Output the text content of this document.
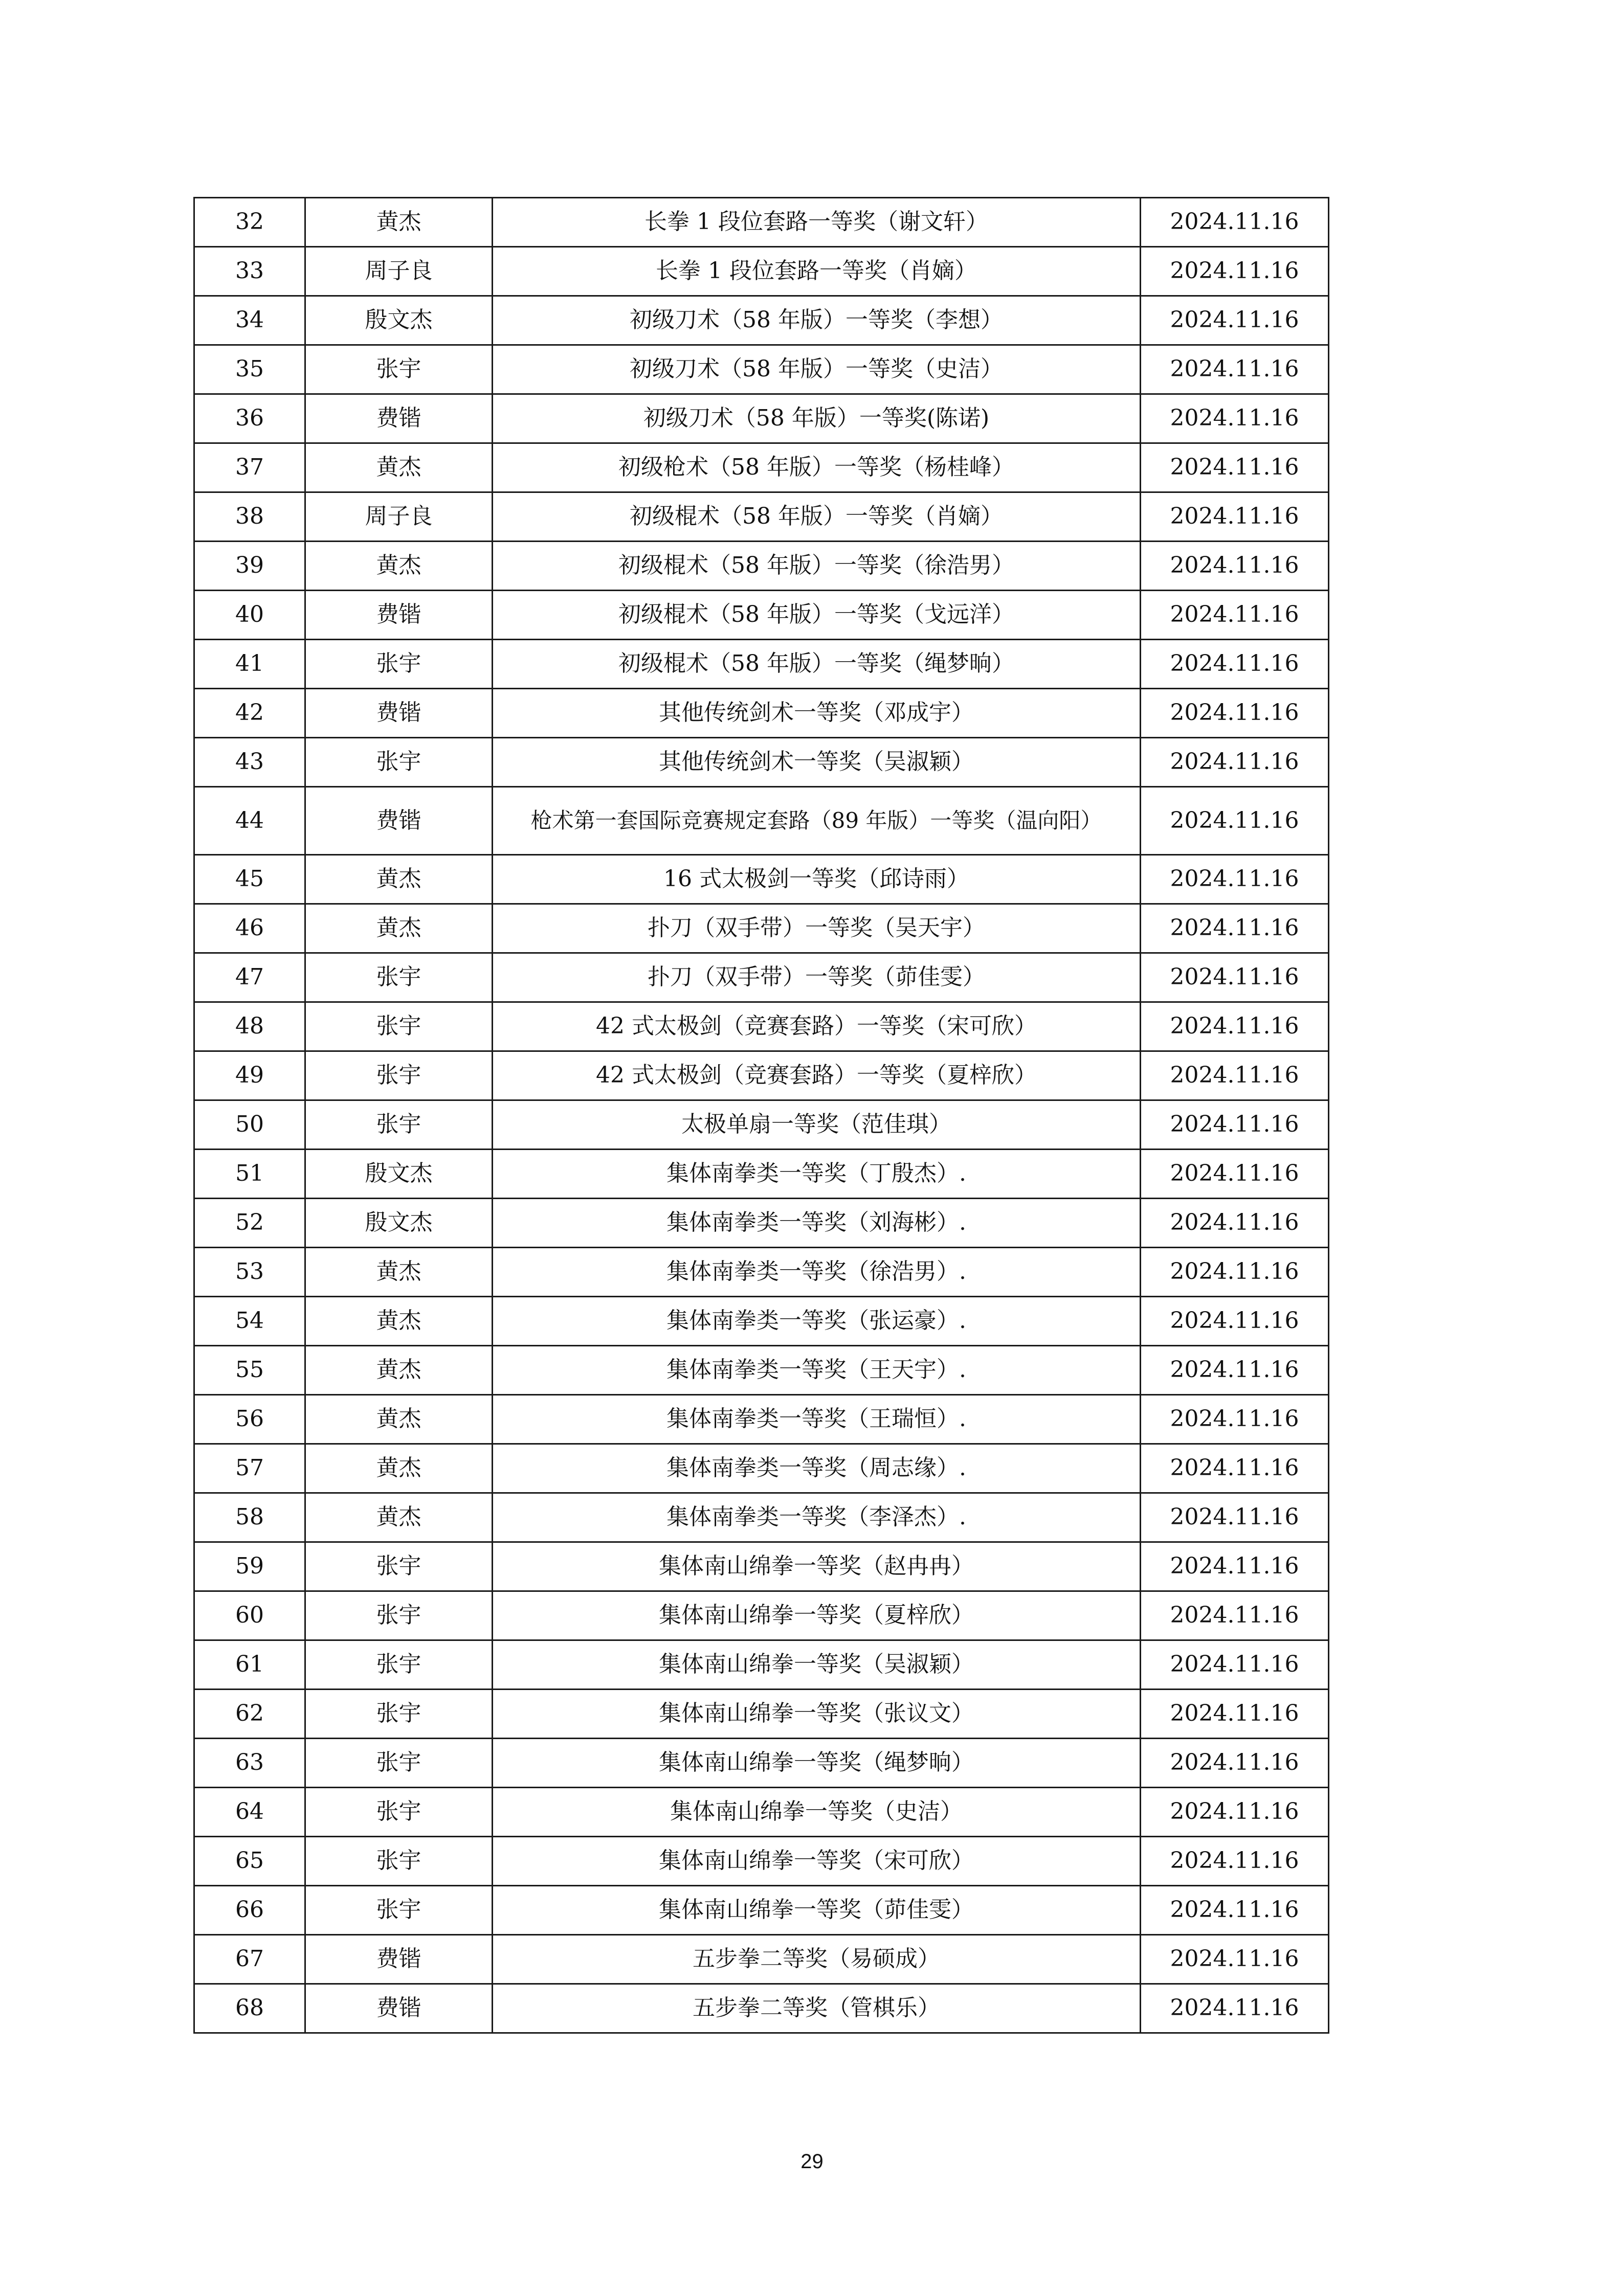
32	黄杰	长拳 1 段位套路一等奖（谢文轩）	2024.11.16
33	周子良	长拳 1 段位套路一等奖（肖嫡）	2024.11.16
34	殷文杰	初级刀术（58 年版）一等奖（李想）	2024.11.16
35	张宇	初级刀术（58 年版）一等奖（史洁）	2024.11.16
36	费锴	初级刀术（58 年版）一等奖(陈诺)	2024.11.16
37	黄杰	初级枪术（58 年版）一等奖（杨桂峰）	2024.11.16
38	周子良	初级棍术（58 年版）一等奖（肖嫡）	2024.11.16
39	黄杰	初级棍术（58 年版）一等奖（徐浩男）	2024.11.16
40	费锴	初级棍术（58 年版）一等奖（戈远洋）	2024.11.16
41	张宇	初级棍术（58 年版）一等奖（绳梦晌）	2024.11.16
42	费锴	其他传统剑术一等奖（邓成宇）	2024.11.16
43	张宇	其他传统剑术一等奖（吴淑颖）	2024.11.16
44	费锴	枪术第一套国际竞赛规定套路（89 年版）一等奖（温向阳）	2024.11.16
45	黄杰	16 式太极剑一等奖（邱诗雨）	2024.11.16
46	黄杰	扑刀（双手带）一等奖（吴天宇）	2024.11.16
47	张宇	扑刀（双手带）一等奖（茆佳雯）	2024.11.16
48	张宇	42 式太极剑（竞赛套路）一等奖（宋可欣）	2024.11.16
49	张宇	42 式太极剑（竞赛套路）一等奖（夏梓欣）	2024.11.16
50	张宇	太极单扇一等奖（范佳琪）	2024.11.16
51	殷文杰	集体南拳类一等奖（丁殷杰）.	2024.11.16
52	殷文杰	集体南拳类一等奖（刘海彬）.	2024.11.16
53	黄杰	集体南拳类一等奖（徐浩男）.	2024.11.16
54	黄杰	集体南拳类一等奖（张运豪）.	2024.11.16
55	黄杰	集体南拳类一等奖（王天宇）.	2024.11.16
56	黄杰	集体南拳类一等奖（王瑞恒）.	2024.11.16
57	黄杰	集体南拳类一等奖（周志缘）.	2024.11.16
58	黄杰	集体南拳类一等奖（李泽杰）.	2024.11.16
59	张宇	集体南山绵拳一等奖（赵冉冉）	2024.11.16
60	张宇	集体南山绵拳一等奖（夏梓欣）	2024.11.16
61	张宇	集体南山绵拳一等奖（吴淑颖）	2024.11.16
62	张宇	集体南山绵拳一等奖（张议文）	2024.11.16
63	张宇	集体南山绵拳一等奖（绳梦晌）	2024.11.16
64	张宇	集体南山绵拳一等奖（史洁）	2024.11.16
65	张宇	集体南山绵拳一等奖（宋可欣）	2024.11.16
66	张宇	集体南山绵拳一等奖（茆佳雯）	2024.11.16
67	费锴	五步拳二等奖（易硕成）	2024.11.16
68	费锴	五步拳二等奖（管棋乐）	2024.11.16
29
